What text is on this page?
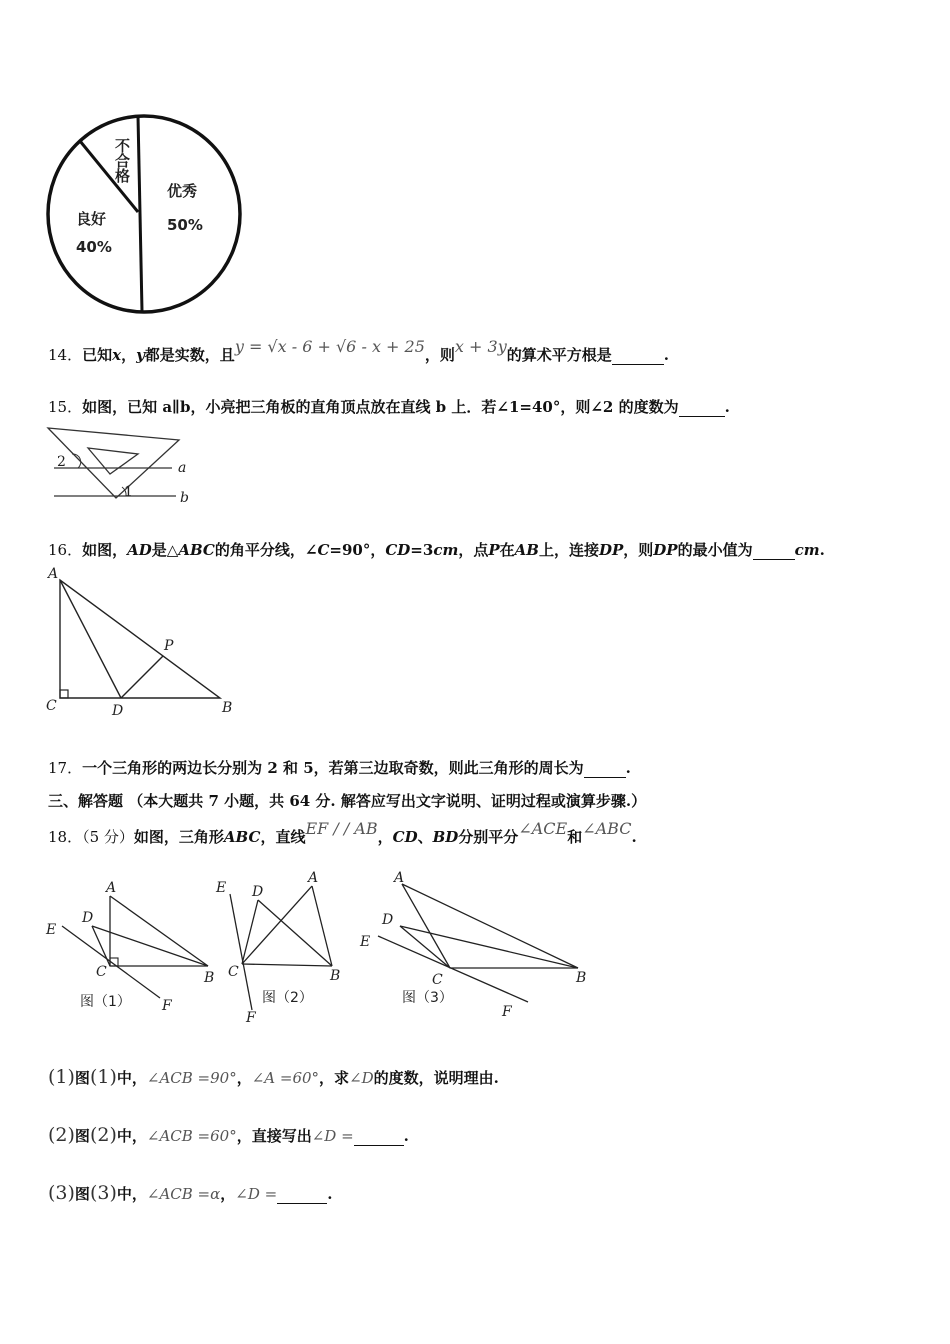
不合格
优秀
50%
良好
40%
14．已知x，y都是实数，且y = √x - 6 + √6 - x + 25，则x + 3y的算术平方根是	.
15．如图，已知 a∥b，小亮把三角板的直角顶点放在直线 b 上．若∠1=40°，则∠2 的度数为	.
2
1
a
b
16．如图，AD是△ABC的角平分线，∠C=90°，CD=3cm，点P在AB上，连接DP，则DP的最小值为	cm.
A
C	D	B
P
17．一个三角形的两边长分别为 2 和 5，若第三边取奇数，则此三角形的周长为	.
三、解答题 （本大题共 7 小题，共 64 分. 解答应写出文字说明、证明过程或演算步骤.）
18．（5 分）如图，三角形ABC，直线EF / / AB，CD、BD分别平分∠ACE和∠ABC.
A
D
E
C	B
F
图（1）
E D
A
C	B
F
图（2）
A
D
E
C	B
F
图（3）
(1)图(1)中，∠ACB =90°，∠A =60°，求∠D的度数，说明理由.
(2)图(2)中，∠ACB =60°，直接写出∠D =	.
(3)图(3)中，∠ACB =α，∠D =	.
